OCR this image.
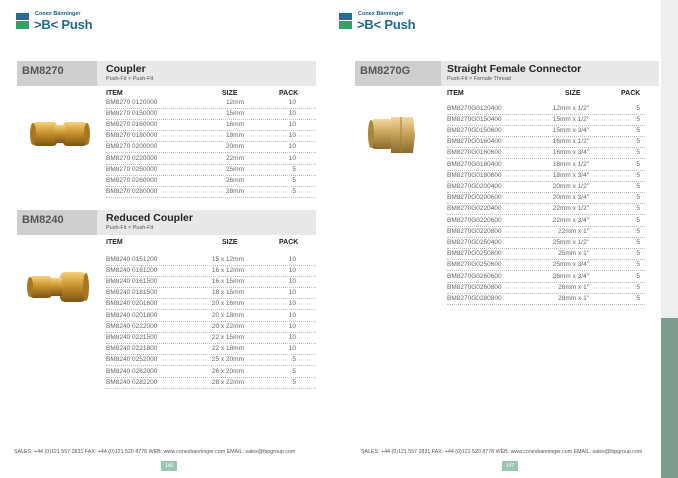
Conex Bänninger
>B< Push
BM8270	Coupler
Push-Fit × Push-Fit
ITEM	SIZE	PACK
BM8270 0120000	12mm	10
BM8270 0150000	15mm	10
BM8270 0160000	16mm	10
BM8270 0180000	18mm	10
BM8270 0200000	20mm	10
BM8270 0220000	22mm	10
BM8270 0250000	25mm	5
BM8270 0260000	26mm	5
BM8270 0280000	28mm	5
BM8240	Reduced Coupler
Push-Fit × Push-Fit
ITEM	SIZE	PACK
BM8240 0151200	15 x 12mm	10
BM8240 0161200	16 x 12mm	10
BM8240 0161500	16 x 15mm	10
BM8240 0181500	18 x 15mm	10
BM8240 0201600	20 x 16mm	10
BM8240 0201800	20 x 18mm	10
BM8240 0222000	20 x 22mm	10
BM8240 0221500	22 x 15mm	10
BM8240 0221800	22 x 18mm	10
BM8240 0252000	25 x 20mm	5
BM8240 0262000	26 x 20mm	5
BM8240 0282200	28 x 22mm	5
SALES: +44 (0)121 557 2831 FAX: +44 (0)121 520 8778 WEB: www.conexbanninger.com EMAIL: sales@ibpgroup.com
146
Conex Bänninger
>B< Push
BM8270G	Straight Female Connector
Push-Fit × Female Thread
ITEM	SIZE	PACK
BM8270G0120400	12mm x 1/2"	5
BM8270G0150400	15mm x 1/2"	5
BM8270G0150600	15mm x 3/4"	5
BM8270G0160400	16mm x 1/2"	5
BM8270G0160600	16mm x 3/4"	5
BM8270G0180400	18mm x 1/2"	5
BM8270G0180600	18mm x 3/4"	5
BM8270G0200400	20mm x 1/2"	5
BM8270G0200600	20mm x 3/4"	5
BM8270G0220400	22mm x 1/2"	5
BM8270G0220600	22mm x 3/4"	5
BM8270G0220800	22mm x 1"	5
BM8270G0250400	25mm x 1/2"	5
BM8270G0250800	25mm x 1"	5
BM8270G0250600	25mm x 3/4"	5
BM8270G0260600	26mm x 3/4"	5
BM8270G0260800	26mm x 1"	5
BM8270G0280800	28mm x 1"	5
SALES: +44 (0)121 557 2831 FAX: +44 (0)121 520 8778 WEB: www.conexbanninger.com EMAIL: sales@ibpgroup.com
147
